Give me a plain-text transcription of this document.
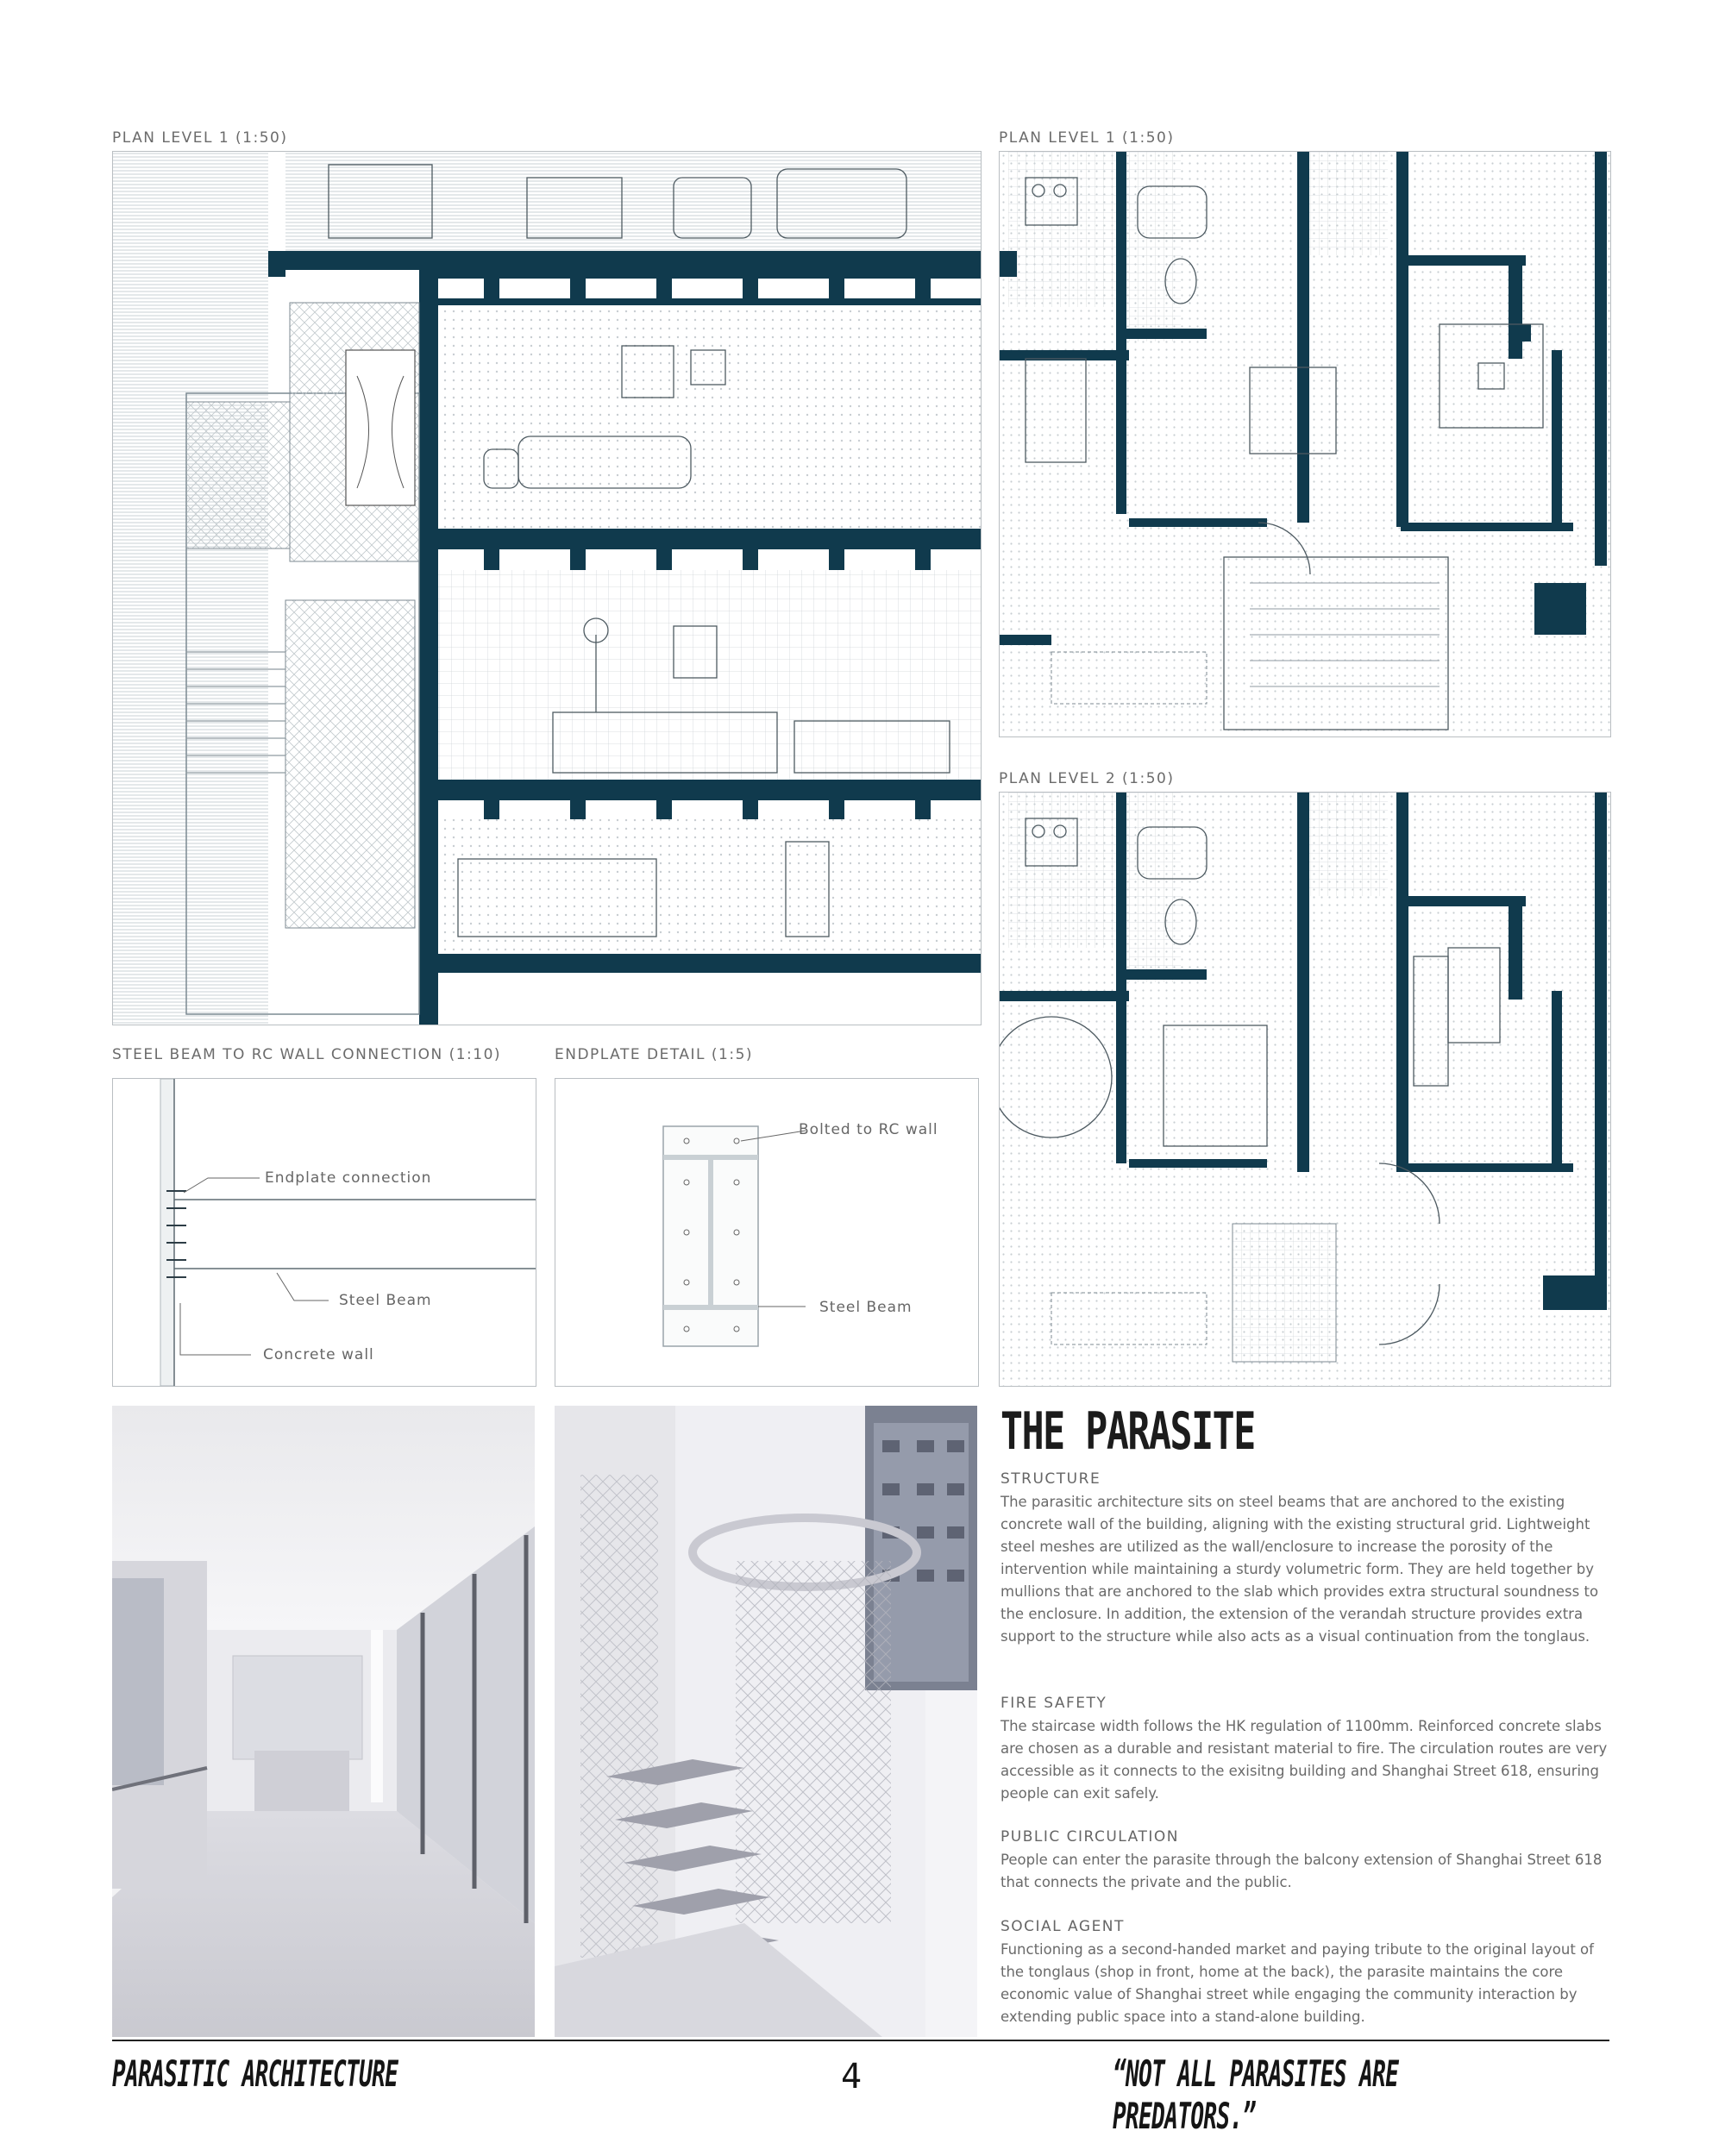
PLAN LEVEL 1 (1:50)	PLAN LEVEL 1 (1:50)
PLAN LEVEL 2 (1:50)
STEEL BEAM TO RC WALL CONNECTION (1:10)
Endplate connection
Steel Beam
Concrete wall
ENDPLATE DETAIL (1:5)
Bolted to RC wall
Steel Beam
THE PARASITE
STRUCTURE
The parasitic architecture sits on steel beams that are anchored to the existing concrete wall of the building, aligning with the existing structural grid. Lightweight steel meshes are utilized as the wall/enclosure to increase the porosity of the intervention while maintaining a sturdy volumetric form. They are held together by mullions that are anchored to the slab which provides extra structural soundness to the enclosure. In addition, the extension of the verandah structure provides extra support to the structure while also acts as a visual continuation from the tonglaus.
FIRE SAFETY
The staircase width follows the HK regulation of 1100mm. Reinforced concrete slabs are chosen as a durable and resistant material to fire. The circulation routes are very accessible as it connects to the exisitng building and Shanghai Street 618, ensuring people can exit safely.
PUBLIC CIRCULATION
People can enter the parasite through the balcony extension of Shanghai Street 618 that connects the private and the public.
SOCIAL AGENT
Functioning as a second-handed market and paying tribute to the original layout of the tonglaus (shop in front, home at the back), the parasite maintains the core economic value of Shanghai street while engaging the community interaction by extending public space into a stand-alone building.
PARASITIC ARCHITECTURE	4	“NOT ALL PARASITES ARE PREDATORS.”
